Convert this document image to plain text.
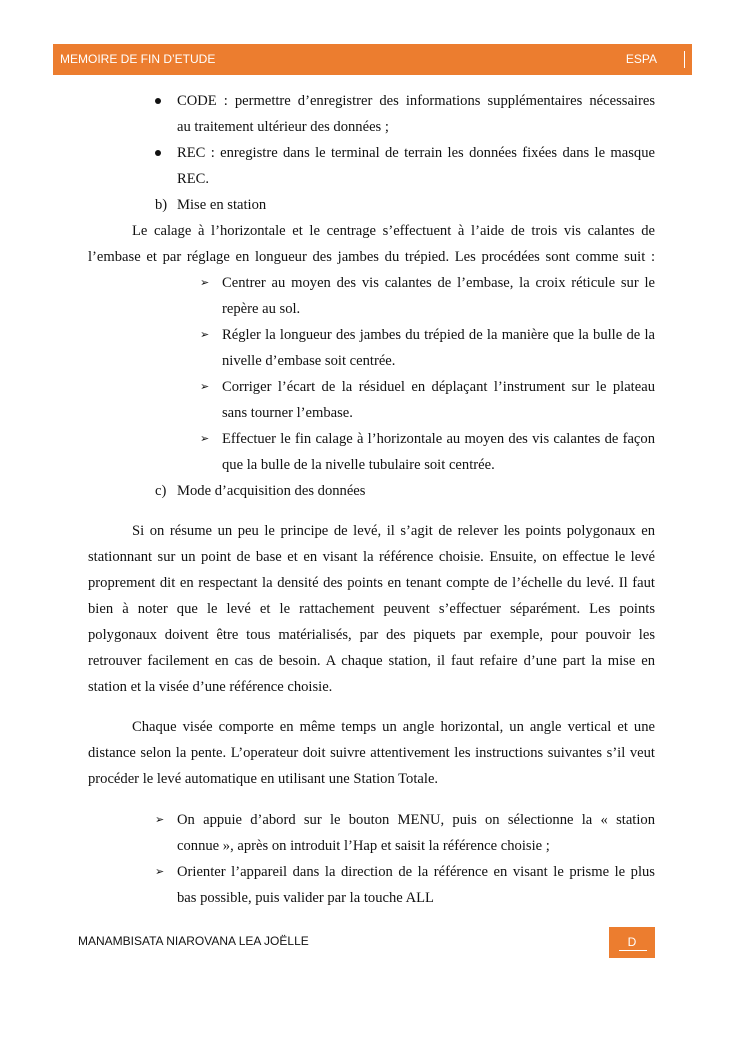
MEMOIRE DE FIN D’ETUDE	ESPA
CODE : permettre d’enregistrer des informations supplémentaires nécessaires
au traitement ultérieur des données ;
REC : enregistre dans le terminal de terrain les données fixées dans le masque
REC.
b) Mise en station
Le calage à l’horizontale et le centrage s’effectuent à l’aide de trois vis calantes de
l’embase et par réglage en longueur des jambes du trépied. Les procédées sont comme suit :
➢ Centrer au moyen des vis calantes de l’embase, la croix réticule sur le
repère au sol.
➢ Régler la longueur des jambes du trépied de la manière que la bulle de la
nivelle d’embase soit centrée.
➢ Corriger l’écart de la résiduel en déplaçant l’instrument sur le plateau
sans tourner l’embase.
➢ Effectuer le fin calage à l’horizontale au moyen des vis calantes de façon
que la bulle de la nivelle tubulaire soit centrée.
c) Mode d’acquisition des données
Si on résume un peu le principe de levé, il s’agit de relever les points polygonaux en
stationnant sur un point de base et en visant la référence choisie. Ensuite, on effectue le levé
proprement dit en respectant la densité des points en tenant compte de l’échelle du levé. Il faut
bien à noter que le levé et le rattachement peuvent s’effectuer séparément. Les points
polygonaux doivent être tous matérialisés, par des piquets par exemple, pour pouvoir les
retrouver facilement en cas de besoin. A chaque station, il faut refaire d’une part la mise en
station et la visée d’une référence choisie.
Chaque visée comporte en même temps un angle horizontal, un angle vertical et une
distance selon la pente. L’operateur doit suivre attentivement les instructions suivantes s’il veut
procéder le levé automatique en utilisant une Station Totale.
➢ On appuie d’abord sur le bouton MENU, puis on sélectionne la « station
connue », après on introduit l’Hap et saisit la référence choisie ;
➢ Orienter l’appareil dans la direction de la référence en visant le prisme le plus
bas possible, puis valider par la touche ALL
MANAMBISATA NIAROVANA LEA JOËLLE	D
